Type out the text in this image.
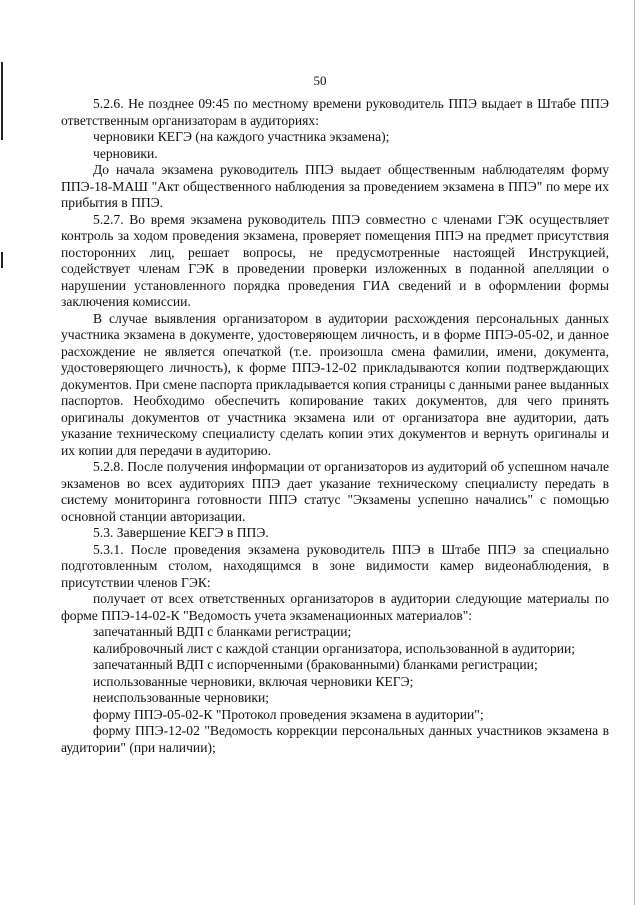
50

5.2.6. Не позднее 09:45 по местному времени руководитель ППЭ выдает в Штабе ППЭ ответственным организаторам в аудиториях:

черновики КЕГЭ (на каждого участника экзамена);

черновики.

До начала экзамена руководитель ППЭ выдает общественным наблюдателям форму ППЭ-18-МАШ "Акт общественного наблюдения за проведением экзамена в ППЭ" по мере их прибытия в ППЭ.

5.2.7. Во время экзамена руководитель ППЭ совместно с членами ГЭК осуществляет контроль за ходом проведения экзамена, проверяет помещения ППЭ на предмет присутствия посторонних лиц, решает вопросы, не предусмотренные настоящей Инструкцией, содействует членам ГЭК в проведении проверки изложенных в поданной апелляции о нарушении установленного порядка проведения ГИА сведений и в оформлении формы заключения комиссии.

В случае выявления организатором в аудитории расхождения персональных данных участника экзамена в документе, удостоверяющем личность, и в форме ППЭ-05-02, и данное расхождение не является опечаткой (т.е. произошла смена фамилии, имени, документа, удостоверяющего личность), к форме ППЭ-12-02 прикладываются копии подтверждающих документов. При смене паспорта прикладывается копия страницы с данными ранее выданных паспортов. Необходимо обеспечить копирование таких документов, для чего принять оригиналы документов от участника экзамена или от организатора вне аудитории, дать указание техническому специалисту сделать копии этих документов и вернуть оригиналы и их копии для передачи в аудиторию.

5.2.8. После получения информации от организаторов из аудиторий об успешном начале экзаменов во всех аудиториях ППЭ дает указание техническому специалисту передать в систему мониторинга готовности ППЭ статус "Экзамены успешно начались" с помощью основной станции авторизации.

5.3. Завершение КЕГЭ в ППЭ.

5.3.1. После проведения экзамена руководитель ППЭ в Штабе ППЭ за специально подготовленным столом, находящимся в зоне видимости камер видеонаблюдения, в присутствии членов ГЭК:

получает от всех ответственных организаторов в аудитории следующие материалы по форме ППЭ-14-02-К "Ведомость учета экзаменационных материалов":

запечатанный ВДП с бланками регистрации;

калибровочный лист с каждой станции организатора, использованной в аудитории;

запечатанный ВДП с испорченными (бракованными) бланками регистрации;

использованные черновики, включая черновики КЕГЭ;

неиспользованные черновики;

форму ППЭ-05-02-К "Протокол проведения экзамена в аудитории";

форму ППЭ-12-02 "Ведомость коррекции персональных данных участников экзамена в аудитории" (при наличии);
